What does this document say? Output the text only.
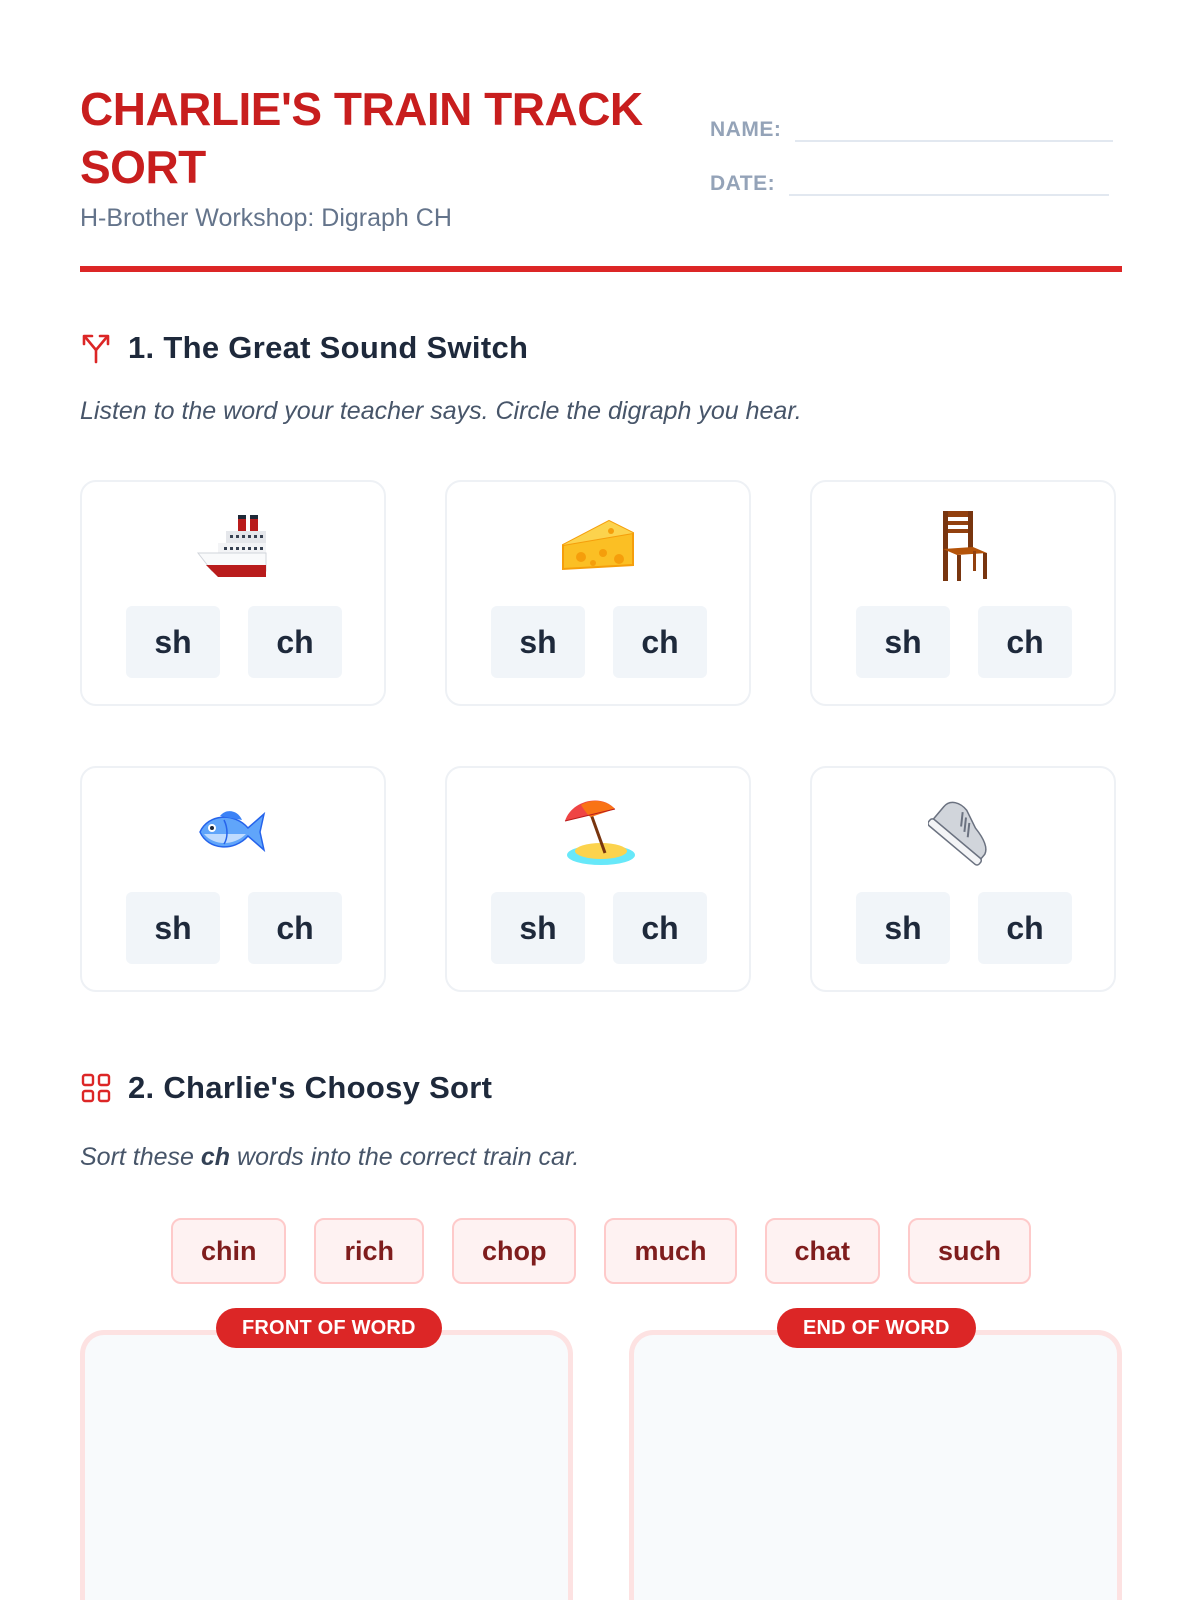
CHARLIE'S TRAIN TRACK SORT
H-Brother Workshop: Digraph CH
NAME:
DATE:
1. The Great Sound Switch

Listen to the word your teacher says. Circle the digraph you hear.

sh	ch	sh	ch	sh	ch
sh	ch	sh	ch	sh	ch
2. Charlie's Choosy Sort

Sort these ch words into the correct train car.

chin	rich	chop	much	chat	such
FRONT OF WORD	END OF WORD
